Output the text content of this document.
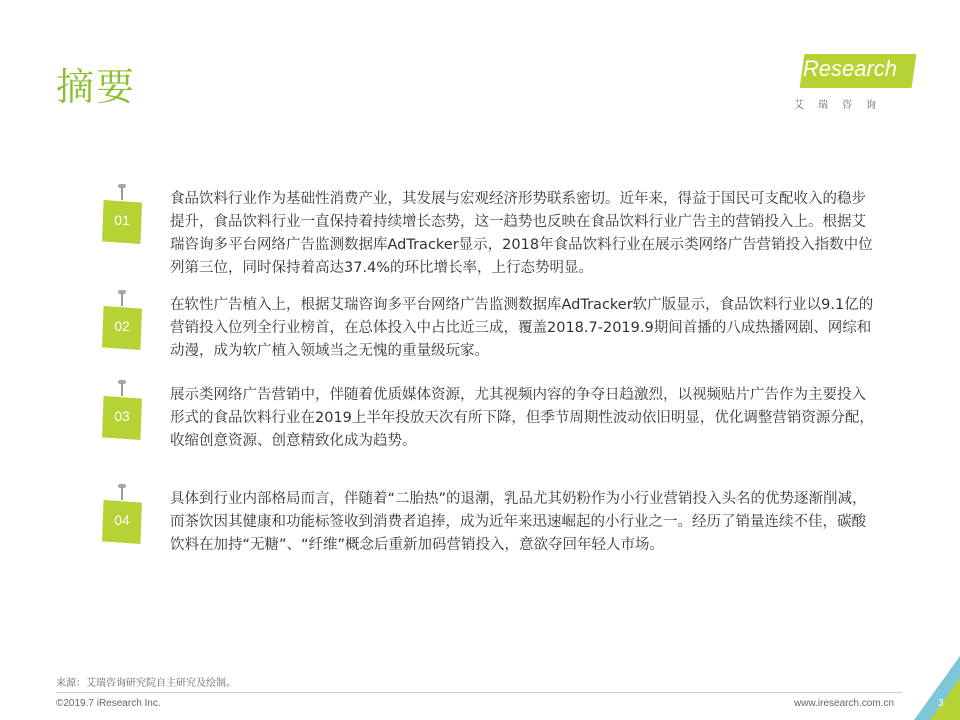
摘要	iResearch
艾瑞咨询
01
食品饮料行业作为基础性消费产业，其发展与宏观经济形势联系密切。近年来，得益于国民可支配收入的稳步提升，食品饮料行业一直保持着持续增长态势，这一趋势也反映在食品饮料行业广告主的营销投入上。根据艾瑞咨询多平台网络广告监测数据库AdTracker显示，2018年食品饮料行业在展示类网络广告营销投入指数中位列第三位，同时保持着高达37.4%的环比增长率，上行态势明显。
02
在软性广告植入上，根据艾瑞咨询多平台网络广告监测数据库AdTracker软广版显示，食品饮料行业以9.1亿的营销投入位列全行业榜首，在总体投入中占比近三成，覆盖2018.7-2019.9期间首播的八成热播网剧、网综和动漫，成为软广植入领域当之无愧的重量级玩家。
03
展示类网络广告营销中，伴随着优质媒体资源，尤其视频内容的争夺日趋激烈，以视频贴片广告作为主要投入形式的食品饮料行业在2019上半年投放天次有所下降，但季节周期性波动依旧明显，优化调整营销资源分配，收缩创意资源、创意精致化成为趋势。
04
具体到行业内部格局而言，伴随着“二胎热”的退潮，乳品尤其奶粉作为小行业营销投入头名的优势逐渐削减，而茶饮因其健康和功能标签收到消费者追捧，成为近年来迅速崛起的小行业之一。经历了销量连续不佳，碳酸饮料在加持“无糖”、“纤维”概念后重新加码营销投入，意欲夺回年轻人市场。
来源：艾瑞咨询研究院自主研究及绘制。
©2019.7 iResearch Inc.	www.iresearch.com.cn	3
